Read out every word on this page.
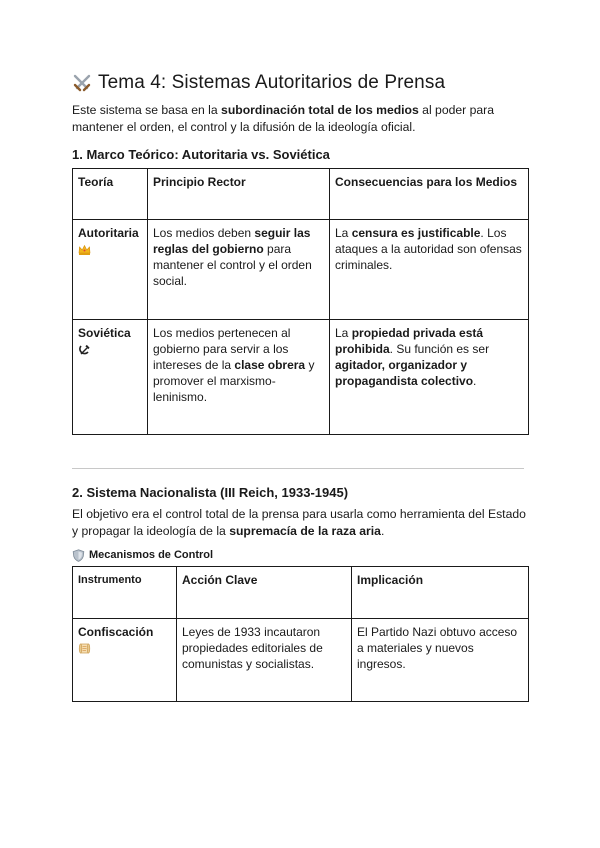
Tema 4: Sistemas Autoritarios de Prensa

Este sistema se basa en la subordinación total de los medios al poder para mantener el orden, el control y la difusión de la ideología oficial.

1. Marco Teórico: Autoritaria vs. Soviética
Teoría	Principio Rector	Consecuencias para los Medios

Autoritaria	Los medios deben seguir las reglas del gobierno para mantener el control y el orden social.	La censura es justificable. Los ataques a la autoridad son ofensas criminales.

Soviética	Los medios pertenecen al gobierno para servir a los intereses de la clase obrera y promover el marxismo-leninismo.	La propiedad privada está prohibida. Su función es ser agitador, organizador y propagandista colectivo.
2. Sistema Nacionalista (III Reich, 1933-1945)

El objetivo era el control total de la prensa para usarla como herramienta del Estado y propagar la ideología de la supremacía de la raza aria.

Mecanismos de Control
Instrumento	Acción Clave	Implicación

Confiscación	Leyes de 1933 incautaron propiedades editoriales de comunistas y socialistas.	El Partido Nazi obtuvo acceso a materiales y nuevos ingresos.
